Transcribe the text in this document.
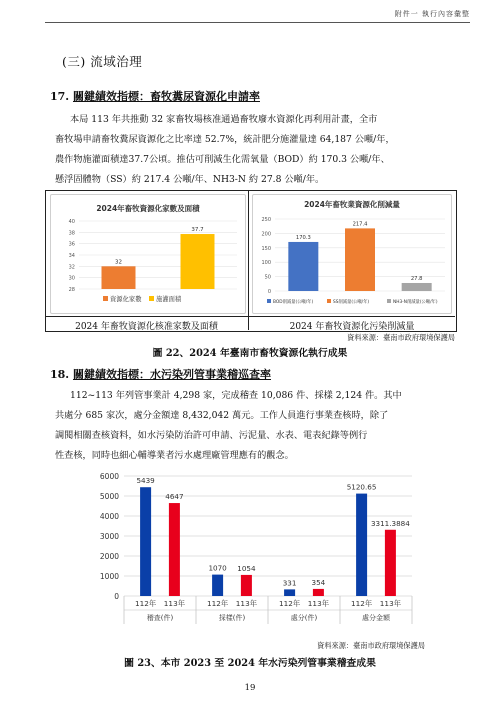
附件一 執行內容彙整
(三) 流域治理
17. 關鍵績效指標：畜牧糞尿資源化申請率
本局 113 年共推動 32 家畜牧場核准通過畜牧廢水資源化再利用計畫，全市
畜牧場申請畜牧糞尿資源化之比率達 52.7%，統計肥分施灌量達 64,187 公噸/年，
農作物施灌面積達37.7公頃。推估可削減生化需氧量（BOD）約 170.3 公噸/年、
懸浮固體物（SS）約 217.4 公噸/年、NH3-N 約 27.8 公噸/年。
2024年畜牧資源化家數及面積
28
30
32
34
36
38
40
32
37.7
資源化家數 施灌面積
2024年畜牧業資源化削減量
0
50
100
150
200
250
170.3
217.4
27.8
BOD削減量(公噸/年)	SS削減量(公噸/年)	NH3-N削減量(公噸/年)
2024 年畜牧資源化核准家數及面積	2024 年畜牧資源化污染削減量
資料來源：臺南市政府環境保護局
圖 22、2024 年臺南市畜牧資源化執行成果
18. 關鍵績效指標：水污染列管事業稽巡查率
112~113 年列管事業計 4,298 家，完成稽查 10,086 件、採樣 2,124 件。其中
共處分 685 家次，處分金額達 8,432,042 萬元。工作人員進行事業查核時，除了
調閱相關查核資料，如水污染防治許可申請、污泥量、水表、電表紀錄等例行
性查核，同時也細心輔導業者污水處理廠管理應有的觀念。
0
1000
2000
3000
4000
5000
6000 5439
112年
4647
113年
稽查(件)
1070
112年
1054
113年
採樣(件)
331
112年
354
113年
處分(件)
5120.65
112年
3311.3884
113年
處分金額
資料來源：臺南市政府環境保護局
圖 23、本市 2023 至 2024 年水污染列管事業稽查成果
19
